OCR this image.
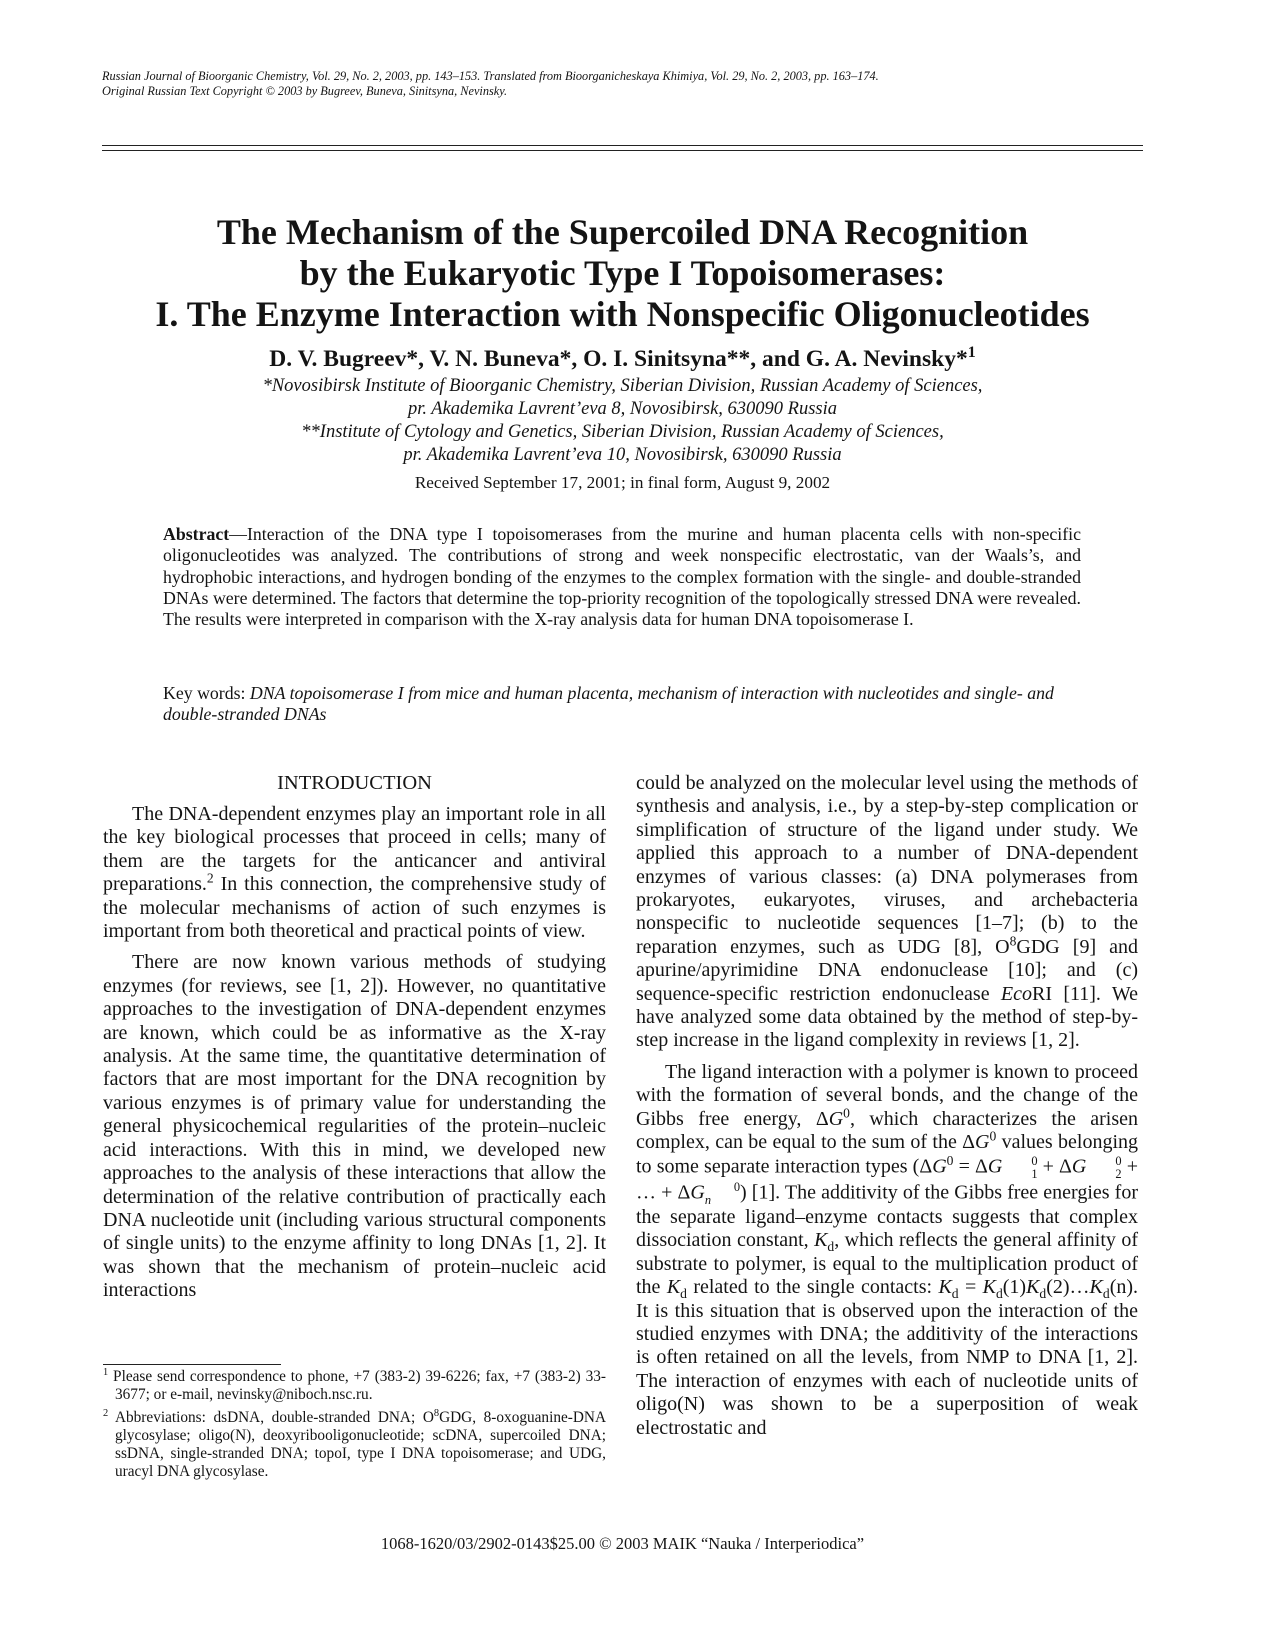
Russian Journal of Bioorganic Chemistry, Vol. 29, No. 2, 2003, pp. 143–153. Translated from Bioorganicheskaya Khimiya, Vol. 29, No. 2, 2003, pp. 163–174.
Original Russian Text Copyright © 2003 by Bugreev, Buneva, Sinitsyna, Nevinsky.
The Mechanism of the Supercoiled DNA Recognition
by the Eukaryotic Type I Topoisomerases:
I. The Enzyme Interaction with Nonspecific Oligonucleotides
D. V. Bugreev*, V. N. Buneva*, O. I. Sinitsyna**, and G. A. Nevinsky*$^1$
*Novosibirsk Institute of Bioorganic Chemistry, Siberian Division, Russian Academy of Sciences,
pr. Akademika Lavrent’eva 8, Novosibirsk, 630090 Russia
**Institute of Cytology and Genetics, Siberian Division, Russian Academy of Sciences,
pr. Akademika Lavrent’eva 10, Novosibirsk, 630090 Russia
Received September 17, 2001; in final form, August 9, 2002
Abstract—Interaction of the DNA type I topoisomerases from the murine and human placenta cells with non-specific oligonucleotides was analyzed. The contributions of strong and week nonspecific electrostatic, van der Waals’s, and hydrophobic interactions, and hydrogen bonding of the enzymes to the complex formation with the single- and double-stranded DNAs were determined. The factors that determine the top-priority recognition of the topologically stressed DNA were revealed. The results were interpreted in comparison with the X-ray analysis data for human DNA topoisomerase I.
Key words: DNA topoisomerase I from mice and human placenta, mechanism of interaction with nucleotides and single- and double-stranded DNAs

INTRODUCTION

The DNA-dependent enzymes play an important role in all the key biological processes that proceed in cells; many of them are the targets for the anticancer and antiviral preparations.$^2$ In this connection, the comprehensive study of the molecular mechanisms of action of such enzymes is important from both theoretical and practical points of view.

There are now known various methods of studying enzymes (for reviews, see [1, 2]). However, no quantitative approaches to the investigation of DNA-dependent enzymes are known, which could be as informative as the X-ray analysis. At the same time, the quantitative determination of factors that are most important for the DNA recognition by various enzymes is of primary value for understanding the general physicochemical regularities of the protein–nucleic acid interactions. With this in mind, we developed new approaches to the analysis of these interactions that allow the determination of the relative contribution of practically each DNA nucleotide unit (including various structural components of single units) to the enzyme affinity to long DNAs [1, 2]. It was shown that the mechanism of protein–nucleic acid interactions

could be analyzed on the molecular level using the methods of synthesis and analysis, i.e., by a step-by-step complication or simplification of structure of the ligand under study. We applied this approach to a number of DNA-dependent enzymes of various classes: (a) DNA polymerases from prokaryotes, eukaryotes, viruses, and archebacteria nonspecific to nucleotide sequences [1–7]; (b) to the reparation enzymes, such as UDG [8], $O^8GDG$ [9] and apurine/apyrimidine DNA endonuclease [10]; and (c) sequence-specific restriction endonuclease EcoRI [11]. We have analyzed some data obtained by the method of step-by-step increase in the ligand complexity in reviews [1, 2].

The ligand interaction with a polymer is known to proceed with the formation of several bonds, and the change of the Gibbs free energy, $\Delta G^0$, which characterizes the arisen complex, can be equal to the sum of the $\Delta G^0$ values belonging to some separate interaction types ($\Delta G^0 = \Delta G$	0
1 + ΔG	0
2 + … + ΔG	0
n ) [1]. The additivity of the Gibbs free energies for the separate ligand–enzyme contacts suggests that complex dissociation constant, $K_d$, which reflects the general affinity of substrate to polymer, is equal to the multiplication product of the $K_d$ related to the single contacts: $K_d$ = $K_d(1)K_d(2)\dots K_d(n)$. It is this situation that is observed upon the interaction of the studied enzymes with DNA; the additivity of the interactions is often retained on all the levels, from NMP to DNA [1, 2]. The interaction of enzymes with each of nucleotide units of oligo(N) was shown to be a superposition of weak electrostatic and

$^1$ Please send correspondence to phone, +7 (383-2) 39-6226; fax, +7 (383-2) 33-3677; or e-mail, nevinsky@niboch.nsc.ru.

$^2$ Abbreviations: dsDNA, double-stranded DNA; $O^8GDG$, 8-oxoguanine-DNA glycosylase; oligo(N), deoxyribooligonucleotide; scDNA, supercoiled DNA; ssDNA, single-stranded DNA; topoI, type I DNA topoisomerase; and UDG, uracyl DNA glycosylase.

1068-1620/03/2902-0143$25.00 © 2003 MAIK “Nauka / Interperiodica”
